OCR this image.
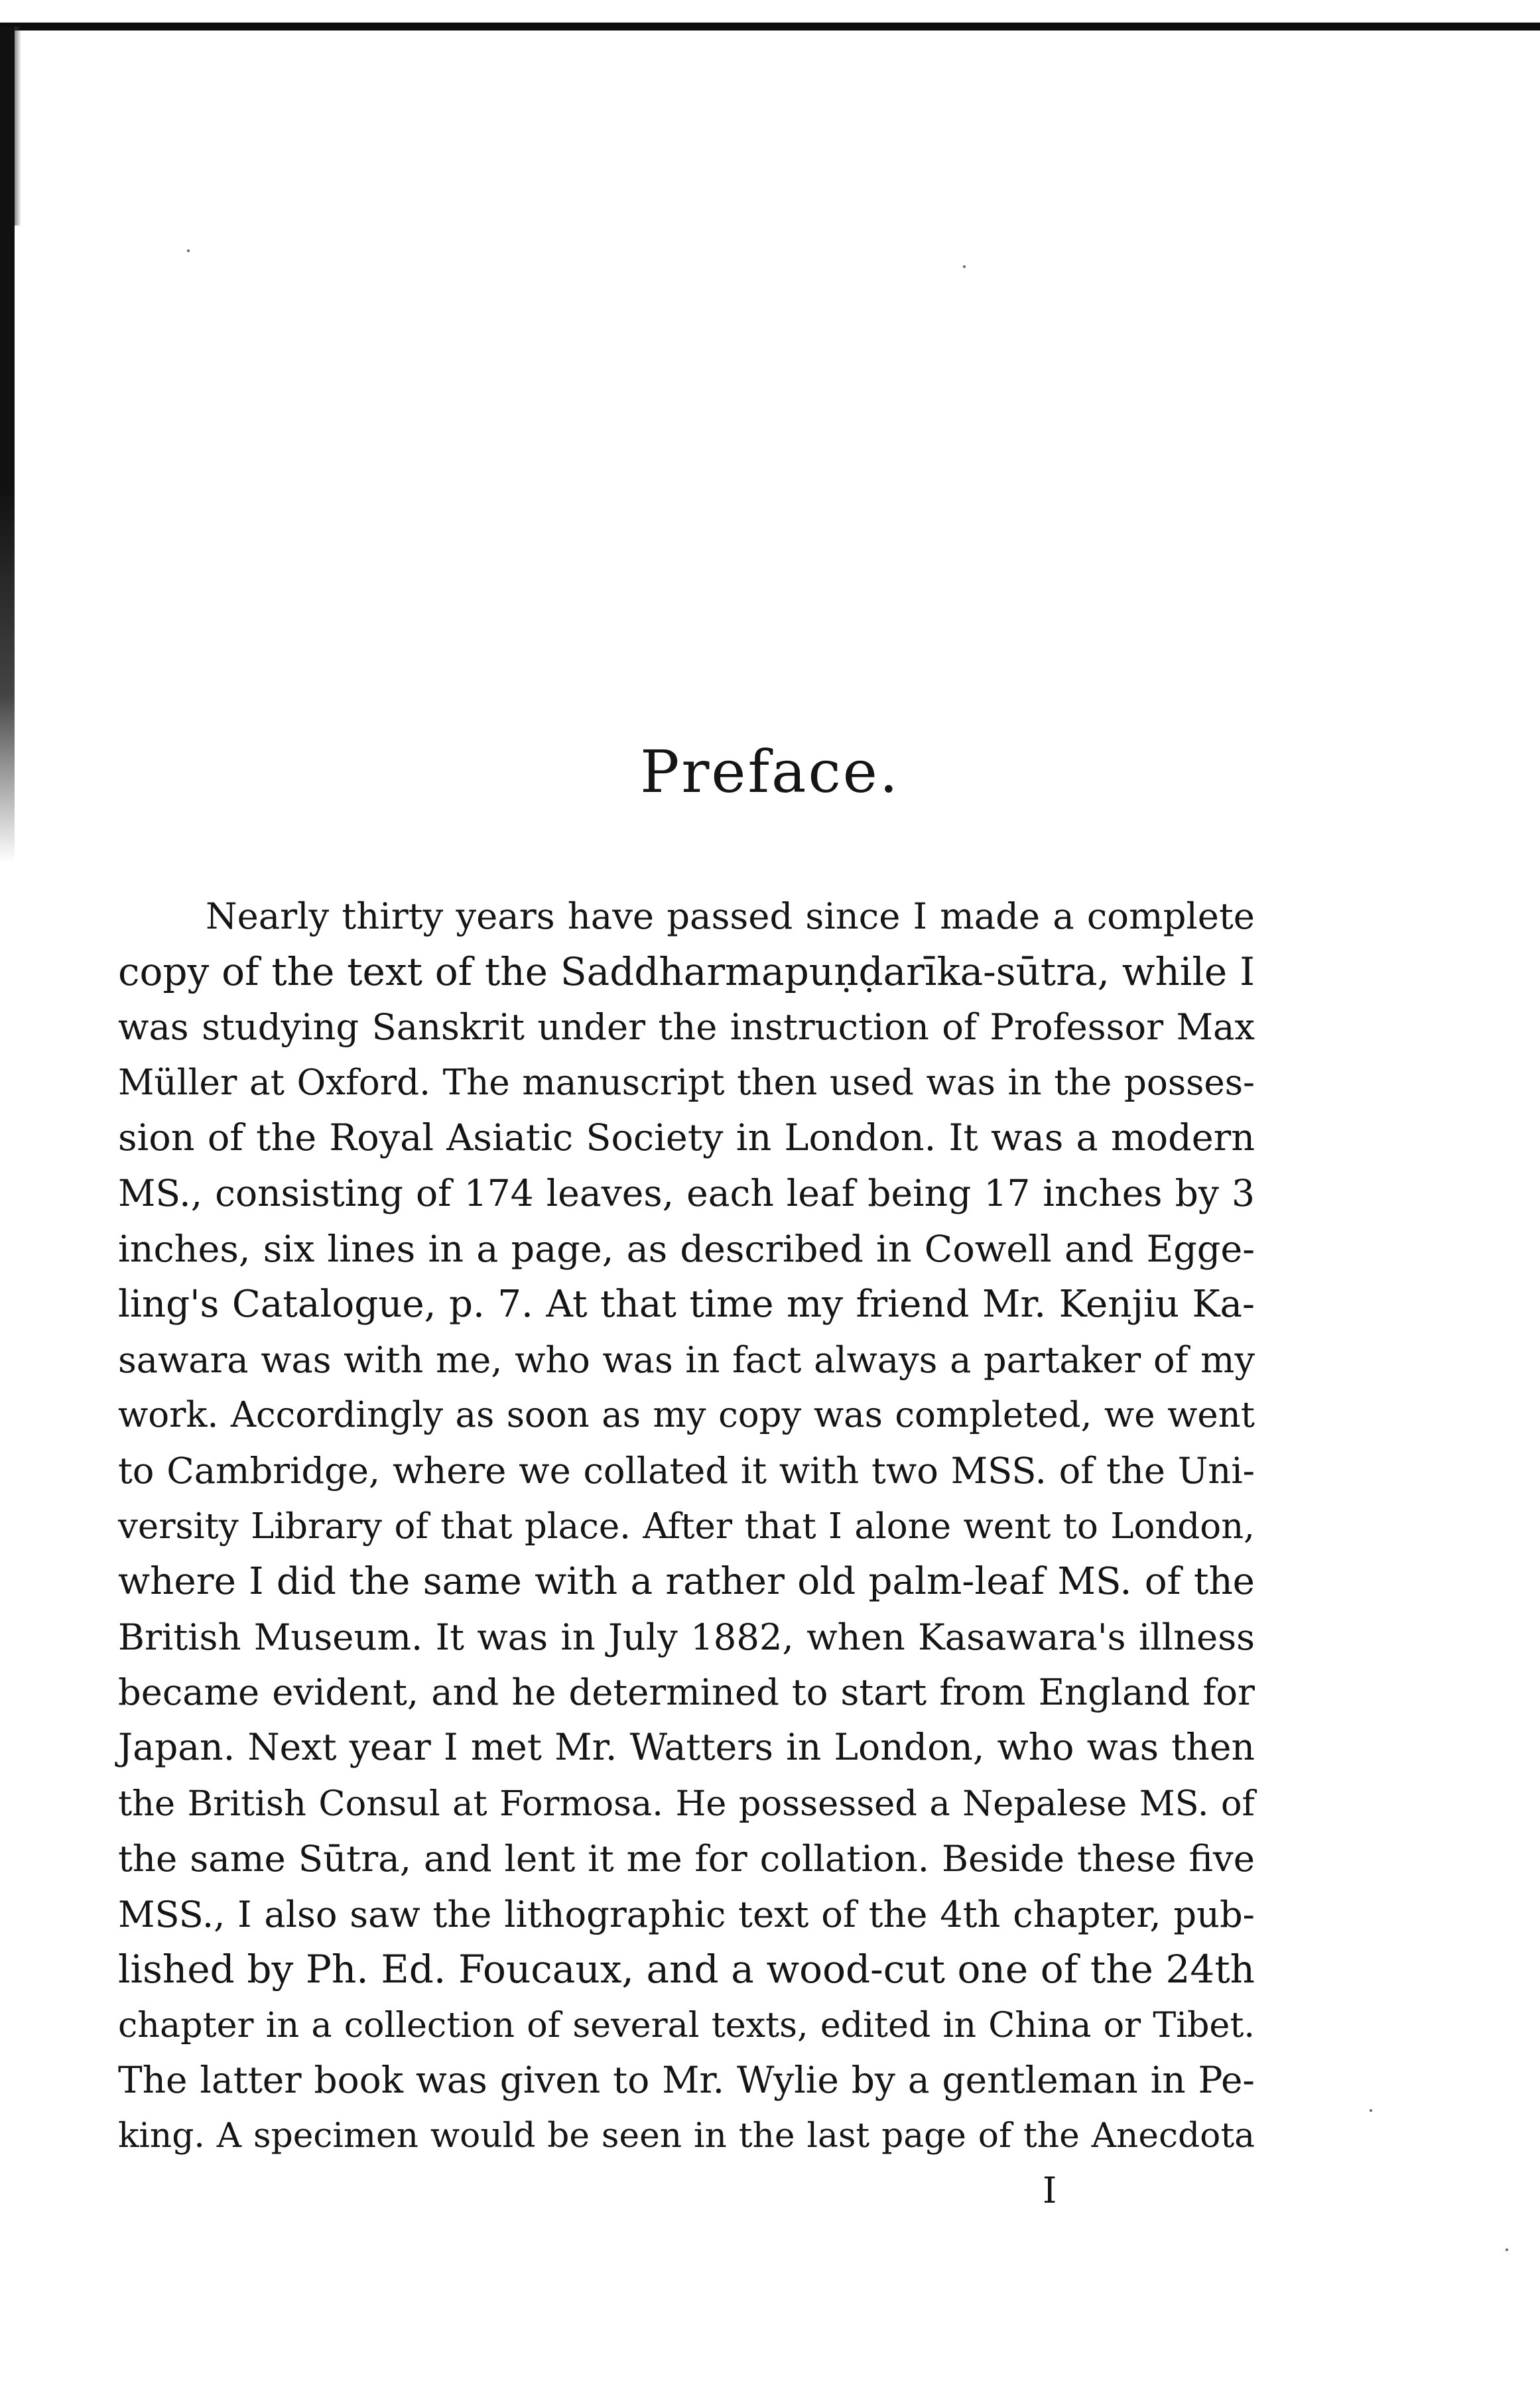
Preface.
Nearly thirty years have passed since I made a complete
copy of the text of the Saddharmapuṇḍarīka-sūtra, while I
was studying Sanskrit under the instruction of Professor Max
Müller at Oxford. The manuscript then used was in the posses-
sion of the Royal Asiatic Society in London. It was a modern
MS., consisting of 174 leaves, each leaf being 17 inches by 3
inches, six lines in a page, as described in Cowell and Egge-
ling's Catalogue, p. 7. At that time my friend Mr. Kenjiu Ka-
sawara was with me, who was in fact always a partaker of my
work. Accordingly as soon as my copy was completed, we went
to Cambridge, where we collated it with two MSS. of the Uni-
versity Library of that place. After that I alone went to London,
where I did the same with a rather old palm-leaf MS. of the
British Museum. It was in July 1882, when Kasawara's illness
became evident, and he determined to start from England for
Japan. Next year I met Mr. Watters in London, who was then
the British Consul at Formosa. He possessed a Nepalese MS. of
the same Sūtra, and lent it me for collation. Beside these five
MSS., I also saw the lithographic text of the 4th chapter, pub-
lished by Ph. Ed. Foucaux, and a wood-cut one of the 24th
chapter in a collection of several texts, edited in China or Tibet.
The latter book was given to Mr. Wylie by a gentleman in Pe-
king. A specimen would be seen in the last page of the Anecdota
I
